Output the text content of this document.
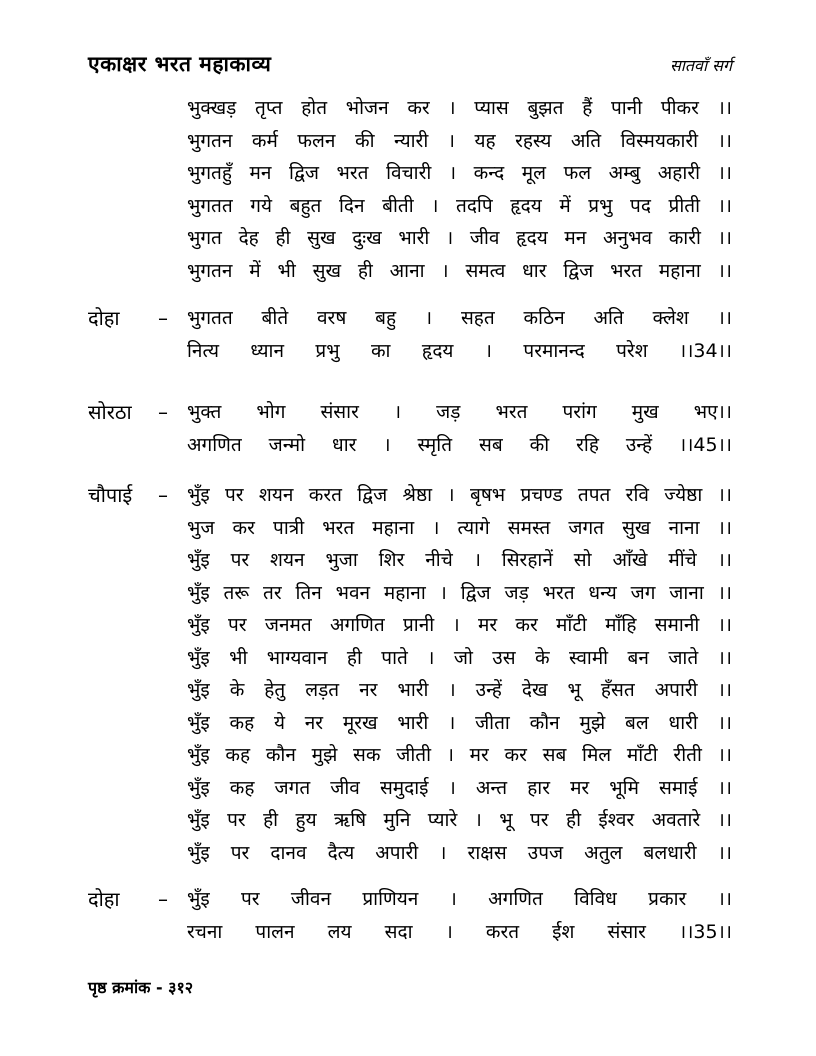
एकाक्षर भरत महाकाव्य	सातवाँ सर्ग

भुक्खड़ तृप्त होत भोजन कर । प्यास बुझत हैं पानी पीकर ।।

भुगतन कर्म फलन की न्यारी । यह रहस्य अति विस्मयकारी ।।

भुगतहुँ मन द्विज भरत विचारी । कन्द मूल फल अम्बु अहारी ।।

भुगतत गये बहुत दिन बीती । तदपि हृदय में प्रभु पद प्रीती ।।

भुगत देह ही सुख दुःख भारी । जीव हृदय मन अनुभव कारी ।।

भुगतन में भी सुख ही आना । समत्व धार द्विज भरत महाना ।।

दोहा	–	भुगतत बीते वरष बहु । सहत कठिन अति क्लेश ।।

नित्य ध्यान प्रभु का हृदय । परमानन्द परेश ।।34।।

सोरठा	–	भुक्त भोग संसार । जड़ भरत परांग मुख भए।।

अगणित जन्मो धार । स्मृति सब की रहि उन्हें ।।45।।

चौपाई	–	भुँइ पर शयन करत द्विज श्रेष्ठा । बृषभ प्रचण्ड तपत रवि ज्येष्ठा ।।

भुज कर पात्री भरत महाना । त्यागे समस्त जगत सुख नाना ।।

भुँइ पर शयन भुजा शिर नीचे । सिरहानें सो आँखे मींचे ।।

भुँइ तरू तर तिन भवन महाना । द्विज जड़ भरत धन्य जग जाना ।।

भुँइ पर जनमत अगणित प्रानी । मर कर माँटी माँहि समानी ।।

भुँइ भी भाग्यवान ही पाते । जो उस के स्वामी बन जाते ।।

भुँइ के हेतु लड़त नर भारी । उन्हें देख भू हँसत अपारी ।।

भुँइ कह ये नर मूरख भारी । जीता कौन मुझे बल धारी ।।

भुँइ कह कौन मुझे सक जीती । मर कर सब मिल माँटी रीती ।।

भुँइ कह जगत जीव समुदाई । अन्त हार मर भूमि समाई ।।

भुँइ पर ही हुय ऋषि मुनि प्यारे । भू पर ही ईश्वर अवतारे ।।

भुँइ पर दानव दैत्य अपारी । राक्षस उपज अतुल बलधारी ।।

दोहा	–	भुँइ पर जीवन प्राणियन । अगणित विविध प्रकार ।।

रचना पालन लय सदा । करत ईश संसार ।।35।।

पृष्ठ क्रमांक - ३१२
